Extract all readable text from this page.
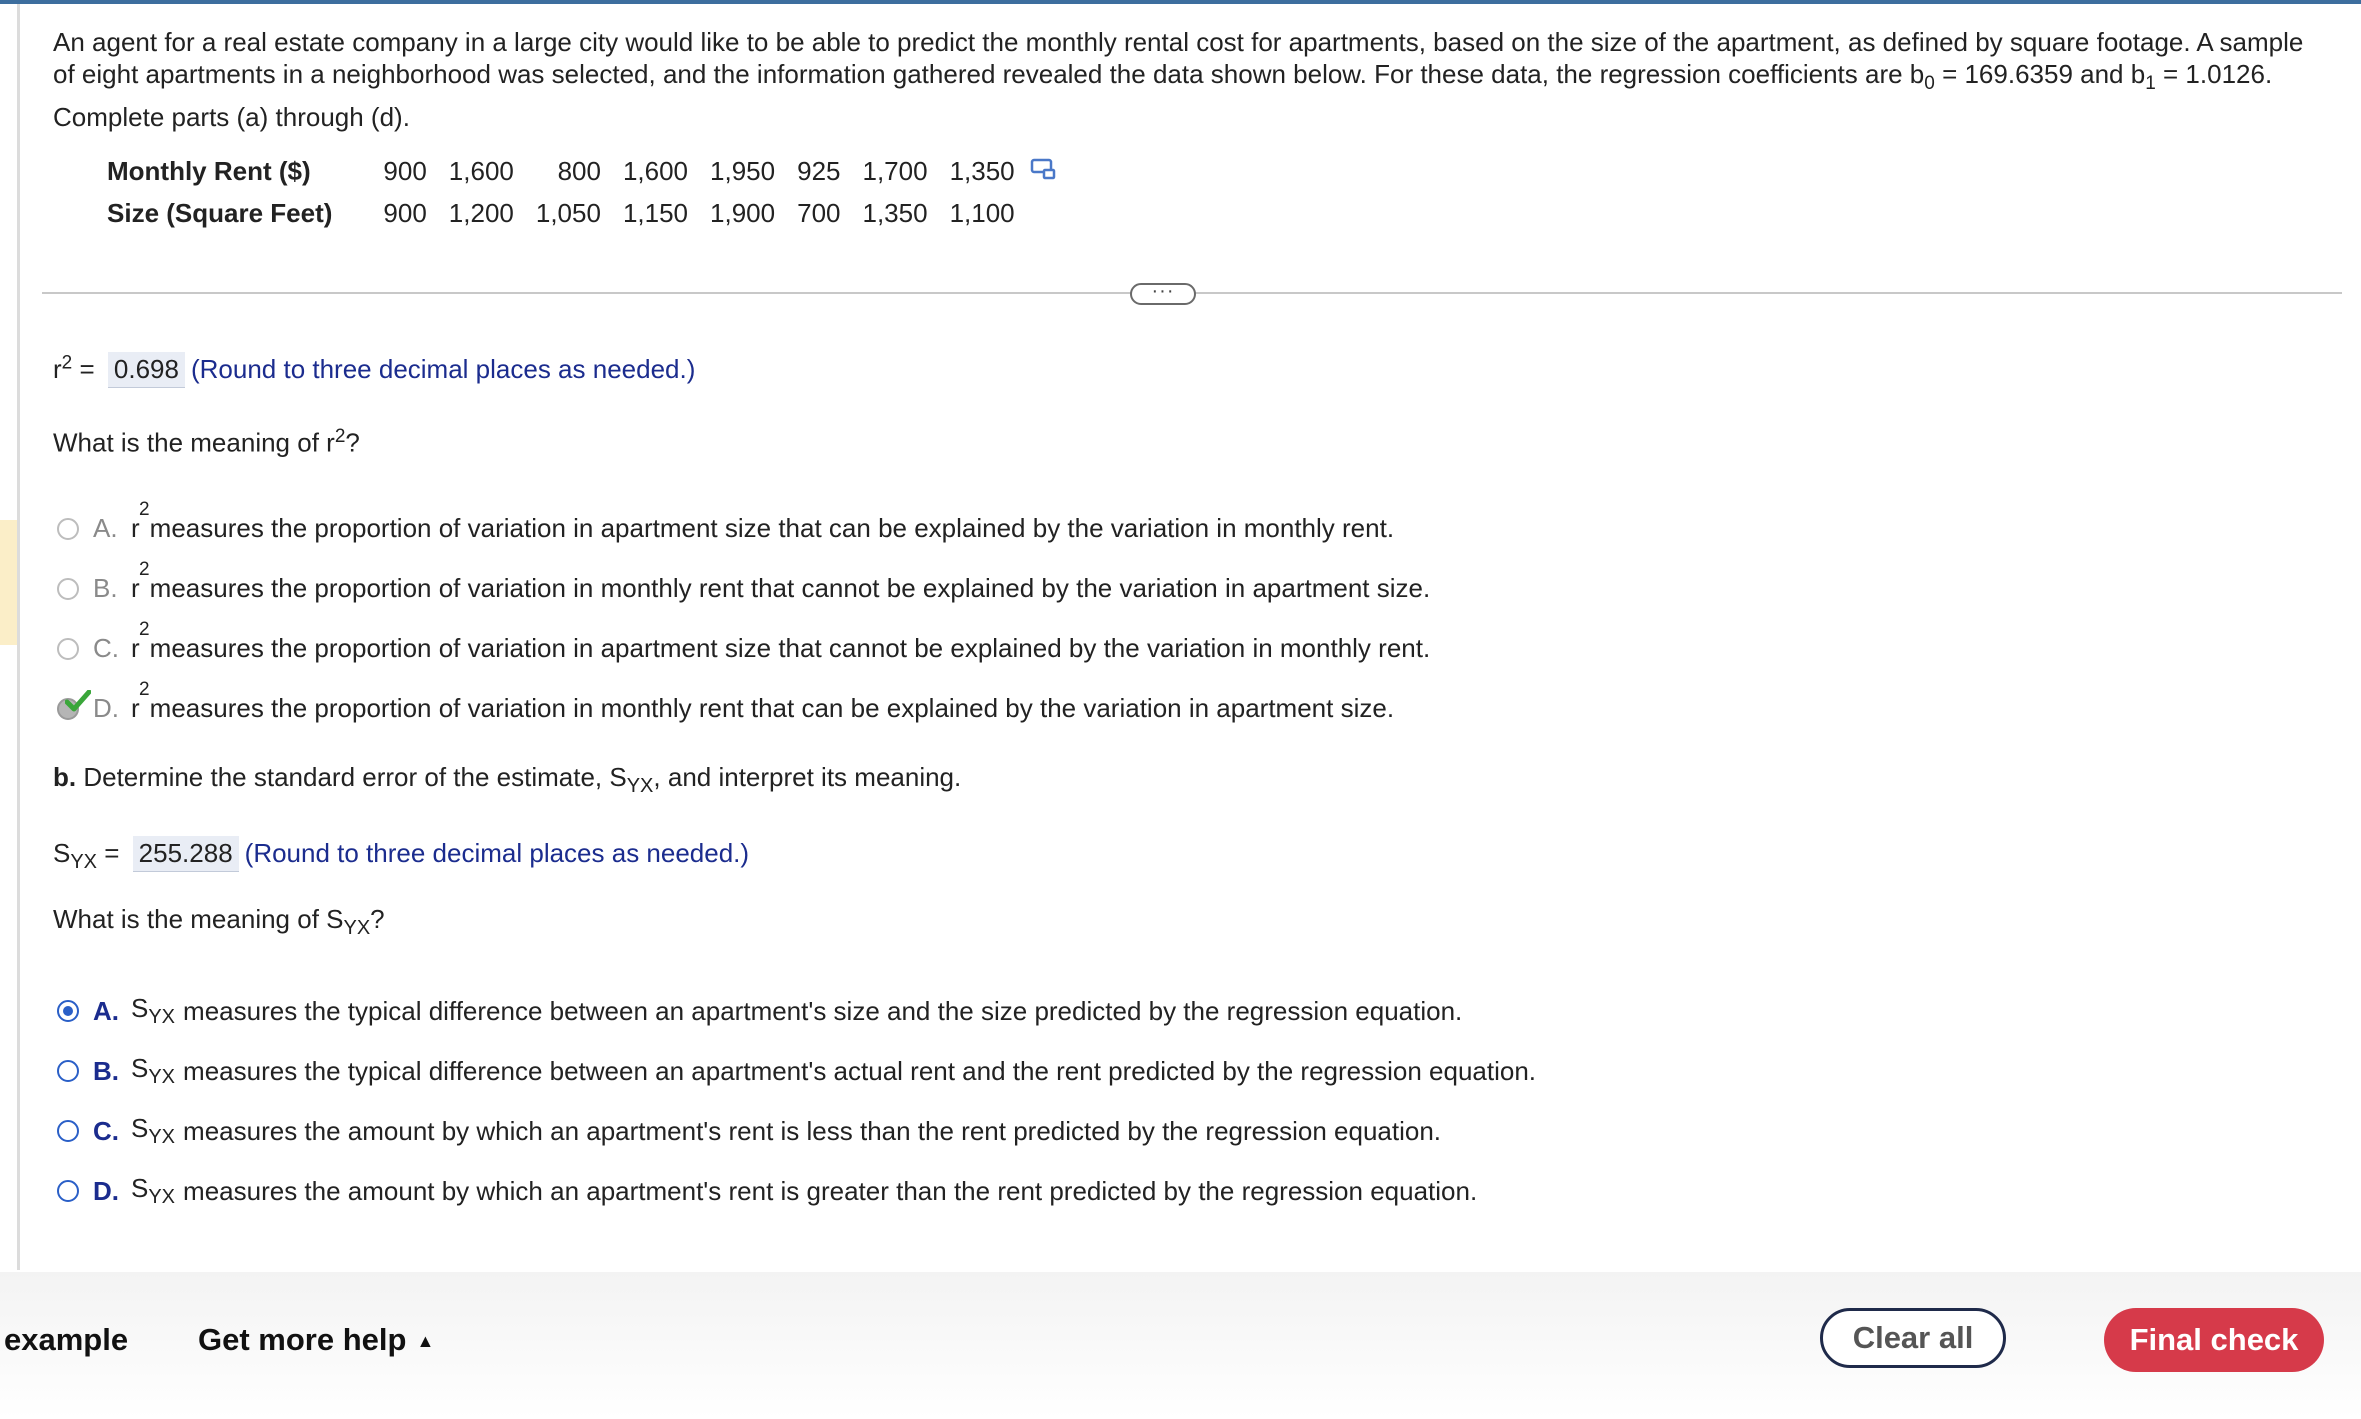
An agent for a real estate company in a large city would like to be able to predict the monthly rental cost for apartments, based on the size of the apartment, as defined by square footage. A sample of eight apartments in a neighborhood was selected, and the information gathered revealed the data shown below. For these data, the regression coefficients are $b_0 = 169.6359$ and $b_1 = 1.0126$.
Complete parts (a) through (d).
Monthly Rent ($)	900	1,600	800	1,600	1,950	925	1,700	1,350	
Size (Square Feet)	900	1,200	1,050	1,150	1,900	700	1,350	1,100	
···
$r^2 = 0.698$ (Round to three decimal places as needed.)
What is the meaning of $r^2$?
A. r
2
measures the proportion of variation in apartment size that can be explained by the variation in monthly rent.
B. r
2
measures the proportion of variation in monthly rent that cannot be explained by the variation in apartment size.
C. r
2
measures the proportion of variation in apartment size that cannot be explained by the variation in monthly rent.
D. r
2
measures the proportion of variation in monthly rent that can be explained by the variation in apartment size.
b. Determine the standard error of the estimate, $S_{YX}$, and interpret its meaning.
$S_{YX} = 255.288$ (Round to three decimal places as needed.)
What is the meaning of $S_{YX}$?
A. $S_{YX}$ measures the typical difference between an apartment's size and the size predicted by the regression equation.
B. $S_{YX}$ measures the typical difference between an apartment's actual rent and the rent predicted by the regression equation.
C. $S_{YX}$ measures the amount by which an apartment's rent is less than the rent predicted by the regression equation.
D. $S_{YX}$ measures the amount by which an apartment's rent is greater than the rent predicted by the regression equation.
example Get more help ▲	Clear all	Final check
